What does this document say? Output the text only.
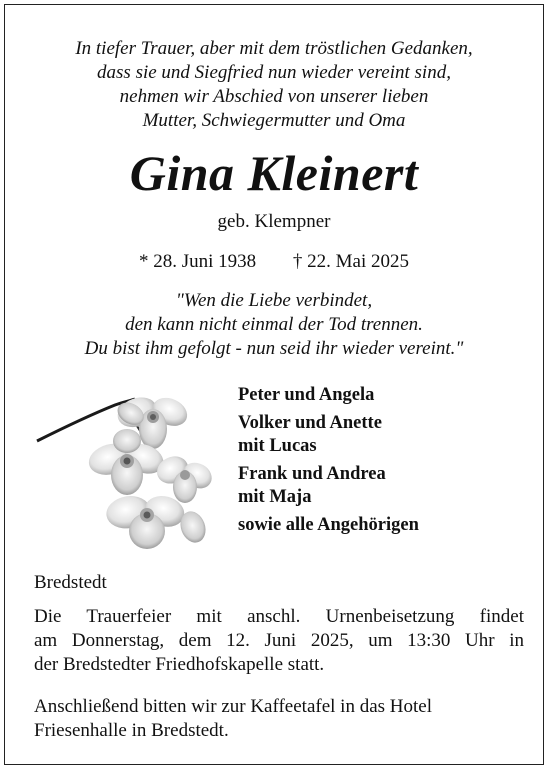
In tiefer Trauer, aber mit dem tröstlichen Gedanken,
dass sie und Siegfried nun wieder vereint sind,
nehmen wir Abschied von unserer lieben
Mutter, Schwiegermutter und Oma
Gina Kleinert
geb. Klempner
* 28. Juni 1938 † 22. Mai 2025
"Wen die Liebe verbindet,
den kann nicht einmal der Tod trennen.
Du bist ihm gefolgt - nun seid ihr wieder vereint."
Peter und Angela
Volker und Anette
mit Lucas
Frank und Andrea
mit Maja
sowie alle Angehörigen
Bredstedt
Die Trauerfeier mit anschl. Urnenbeisetzung findet
am Donnerstag, dem 12. Juni 2025, um 13:30 Uhr in
der Bredstedter Friedhofskapelle statt.
Anschließend bitten wir zur Kaffeetafel in das Hotel
Friesenhalle in Bredstedt.
